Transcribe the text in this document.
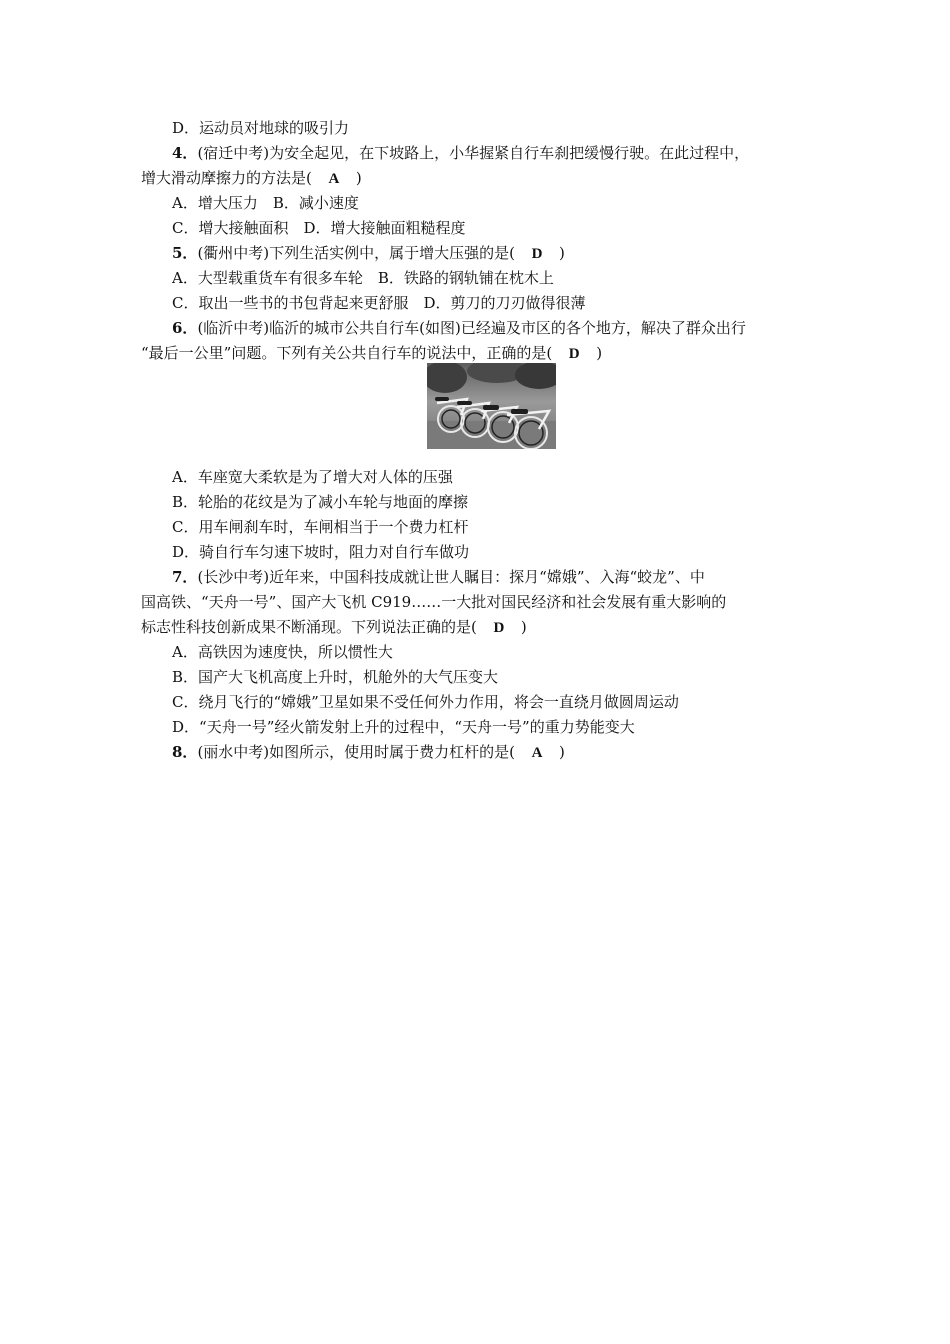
D．运动员对地球的吸引力
4．(宿迁中考)为安全起见，在下坡路上，小华握紧自行车刹把缓慢行驶。在此过程中，
增大滑动摩擦力的方法是( A )
A．增大压力　B．减小速度
C．增大接触面积　D．增大接触面粗糙程度
5．(衢州中考)下列生活实例中，属于增大压强的是( D )
A．大型载重货车有很多车轮　B．铁路的钢轨铺在枕木上
C．取出一些书的书包背起来更舒服　D．剪刀的刀刃做得很薄
6．(临沂中考)临沂的城市公共自行车(如图)已经遍及市区的各个地方，解决了群众出行
“最后一公里”问题。下列有关公共自行车的说法中，正确的是( D )
A．车座宽大柔软是为了增大对人体的压强
B．轮胎的花纹是为了减小车轮与地面的摩擦
C．用车闸刹车时，车闸相当于一个费力杠杆
D．骑自行车匀速下坡时，阻力对自行车做功
7．(长沙中考)近年来，中国科技成就让世人瞩目：探月“嫦娥”、入海“蛟龙”、中
国高铁、“天舟一号”、国产大飞机 C919……一大批对国民经济和社会发展有重大影响的
标志性科技创新成果不断涌现。下列说法正确的是( D )
A．高铁因为速度快，所以惯性大
B．国产大飞机高度上升时，机舱外的大气压变大
C．绕月飞行的“嫦娥”卫星如果不受任何外力作用，将会一直绕月做圆周运动
D．“天舟一号”经火箭发射上升的过程中，“天舟一号”的重力势能变大
8．(丽水中考)如图所示，使用时属于费力杠杆的是( A )
